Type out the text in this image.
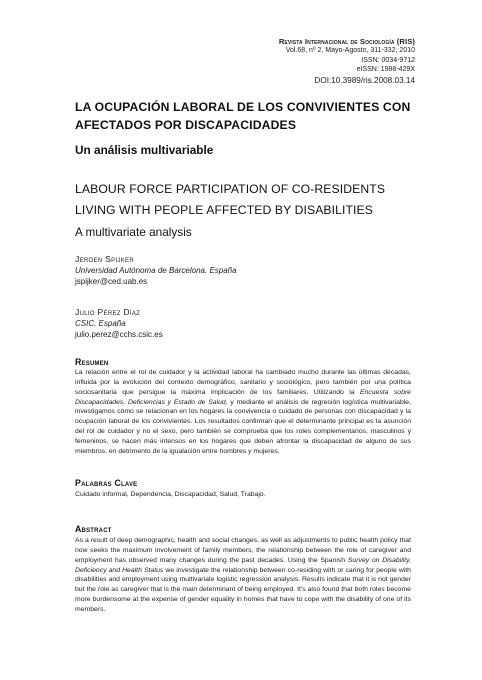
Revista Internacional de Sociología (RIS)
Vol.68, nº 2, Mayo-Agosto, 311-332, 2010
ISSN: 0034-9712
eISSN: 1988-429X
DOI:10.3989/ris.2008.03.14
LA OCUPACIÓN LABORAL DE LOS CONVIVIENTES CON AFECTADOS POR DISCAPACIDADES
Un análisis multivariable
LABOUR FORCE PARTICIPATION OF CO-RESIDENTS LIVING WITH PEOPLE AFFECTED BY DISABILITIES
A multivariate analysis
Jeroen Spijker
Universidad Autónoma de Barcelona. España
jspijker@ced.uab.es
Julio Pérez Díaz
CSIC. España
julio.perez@cchs.csic.es
Resumen
La relación entre el rol de cuidador y la actividad laboral ha cambiado mucho durante las últimas décadas, influida por la evolución del contexto demográfico, sanitario y sociológico, pero también por una política sociosanitaria que persigue la máxima implicación de los familiares. Utilizando la Encuesta sobre Discapacidades, Deficiencias y Estado de Salud, y mediante el análisis de regresión logística multivariable, investigamos cómo se relacionan en los hogares la convivencia o cuidado de personas con discapacidad y la ocupación laboral de los convivientes. Los resultados confirman que el determinante principal es la asunción del rol de cuidador y no el sexo, pero también se comprueba que los roles complementarios, masculinos y femeninos, se hacen más intensos en los hogares que deben afrontar la discapacidad de alguno de sus miembros, en detrimento de la igualación entre hombres y mujeres.
Palabras Clave
Cuidado informal, Dependencia, Discapacidad, Salud, Trabajo.
Abstract
As a result of deep demographic, health and social changes, as well as adjustments to public health policy that now seeks the maximum involvement of family members, the relationship between the role of caregiver and employment has observed many changes during the past decades. Using the Spanish Survey on Disability, Deficiency and Health Status we investigate the relationship between co-residing with or caring for people with disabilities and employment using multivariate logistic regression analysis. Results indicate that it is not gender but the role as caregiver that is the main determinant of being employed. It's also found that both roles become more burdensome at the expense of gender equality in homes that have to cope with the disability of one of its members.
